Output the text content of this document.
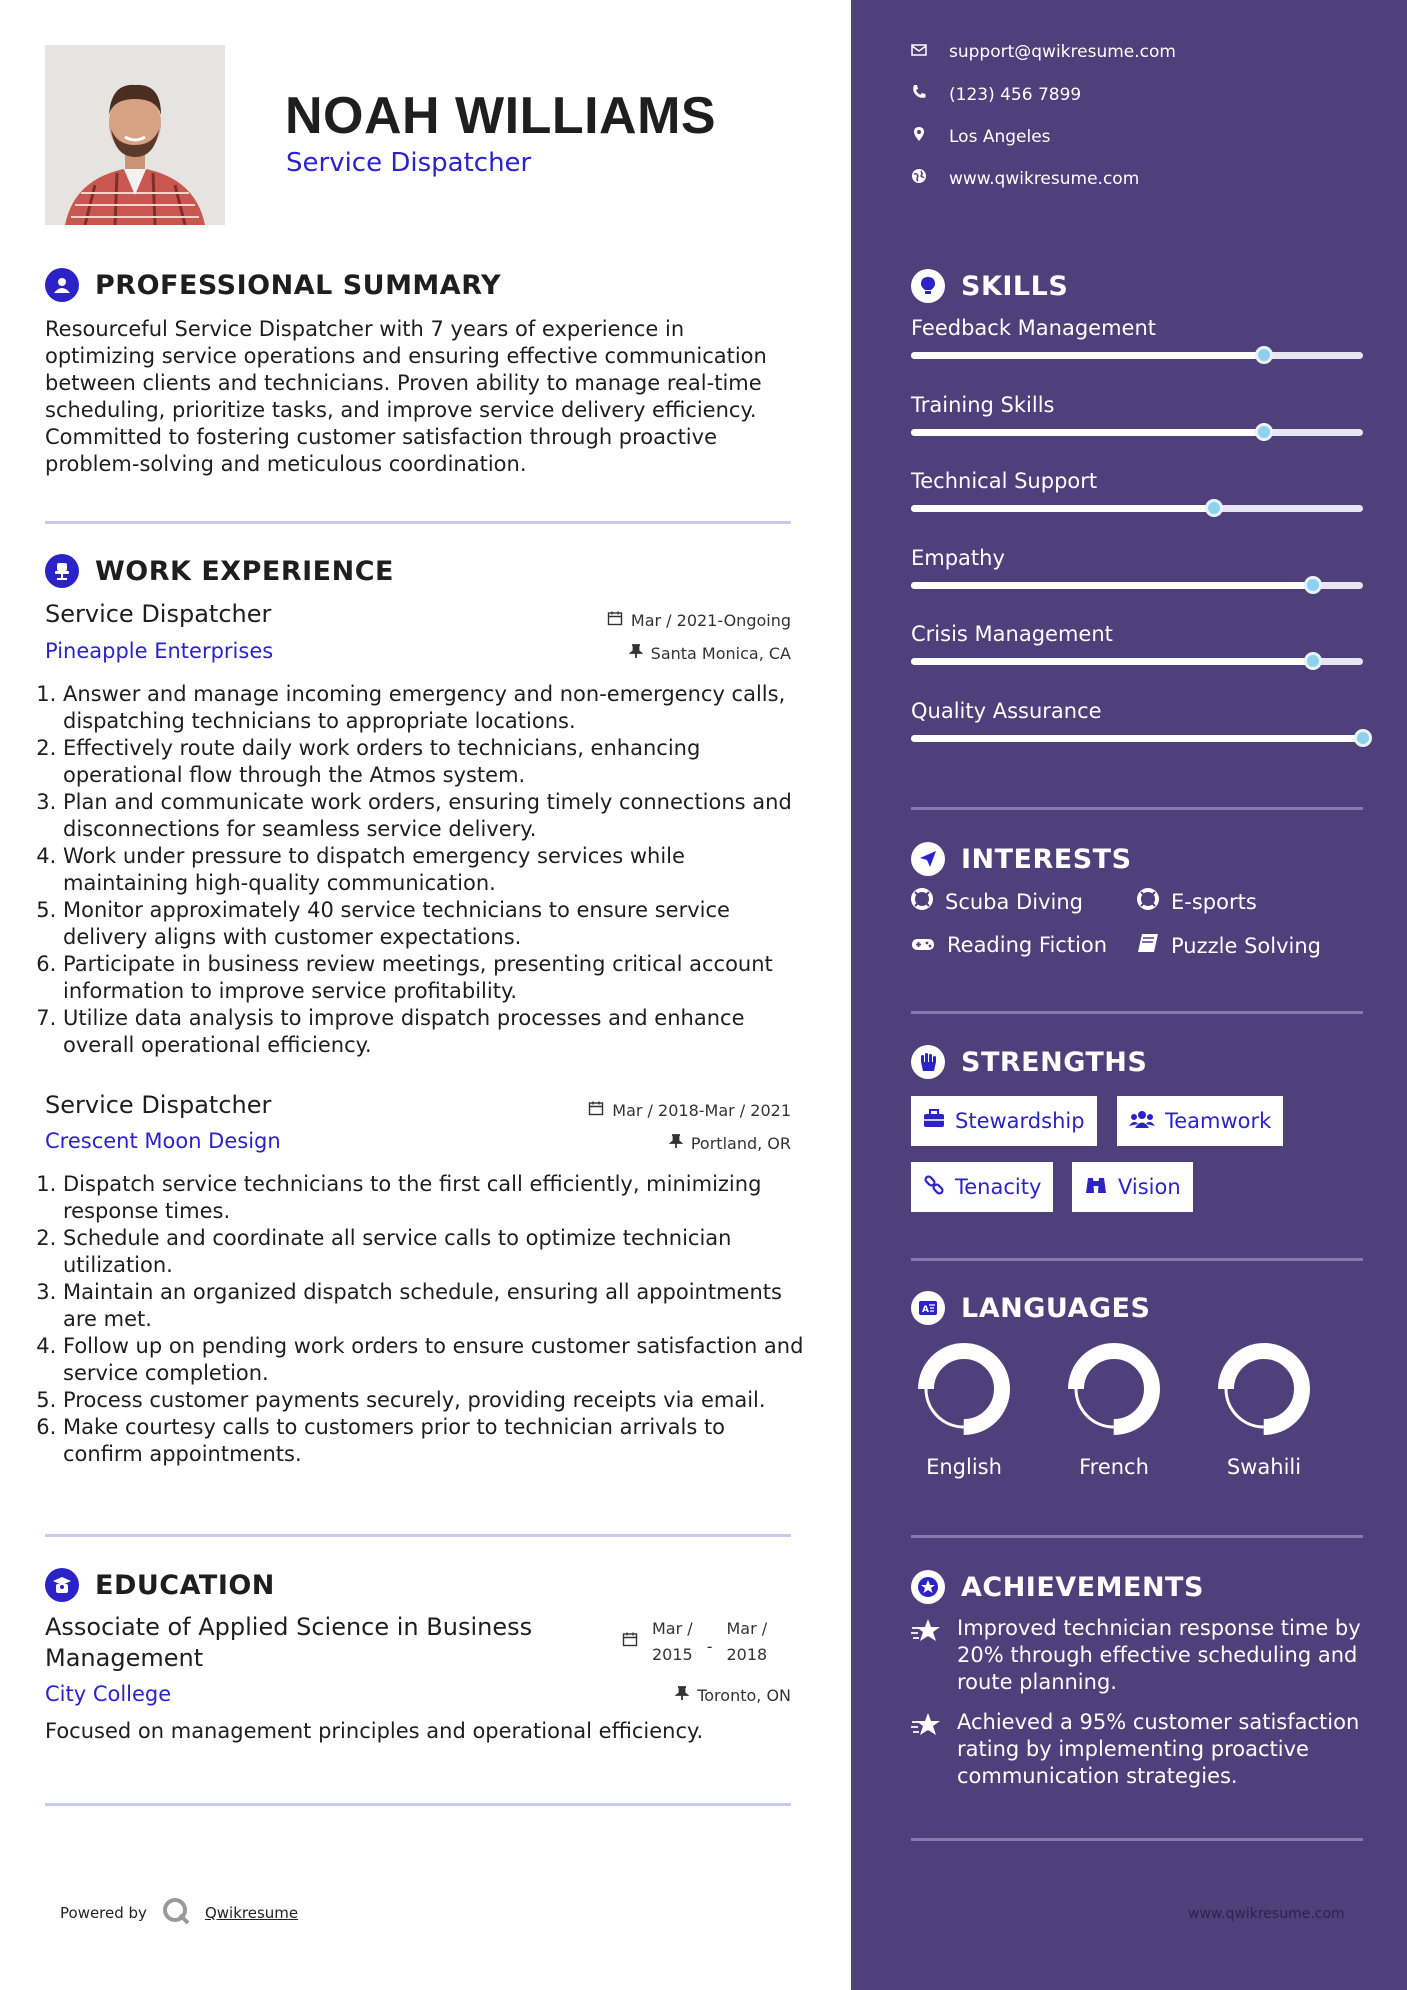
NOAH WILLIAMS
Service Dispatcher
PROFESSIONAL SUMMARY
Resourceful Service Dispatcher with 7 years of experience in optimizing service operations and ensuring effective communication between clients and technicians. Proven ability to manage real-time scheduling, prioritize tasks, and improve service delivery efficiency. Committed to fostering customer satisfaction through proactive problem-solving and meticulous coordination.
WORK EXPERIENCE
Service Dispatcher
Pineapple Enterprises
Mar / 2021-Ongoing
Santa Monica, CA
1. Answer and manage incoming emergency and non-emergency calls, dispatching technicians to appropriate locations.
2. Effectively route daily work orders to technicians, enhancing operational flow through the Atmos system.
3. Plan and communicate work orders, ensuring timely connections and disconnections for seamless service delivery.
4. Work under pressure to dispatch emergency services while maintaining high-quality communication.
5. Monitor approximately 40 service technicians to ensure service delivery aligns with customer expectations.
6. Participate in business review meetings, presenting critical account information to improve service profitability.
7. Utilize data analysis to improve dispatch processes and enhance overall operational efficiency.
Service Dispatcher
Crescent Moon Design
Mar / 2018-Mar / 2021
Portland, OR
1. Dispatch service technicians to the first call efficiently, minimizing response times.
2. Schedule and coordinate all service calls to optimize technician utilization.
3. Maintain an organized dispatch schedule, ensuring all appointments are met.
4. Follow up on pending work orders to ensure customer satisfaction and service completion.
5. Process customer payments securely, providing receipts via email.
6. Make courtesy calls to customers prior to technician arrivals to confirm appointments.
EDUCATION
Associate of Applied Science in Business Management
Mar /
2015 -
Mar /
2018
City College	Toronto, ON
Focused on management principles and operational efficiency.
Powered by	Qwikresume
support@qwikresume.com
(123) 456 7899
Los Angeles
www.qwikresume.com
SKILLS
Feedback Management
Training Skills
Technical Support
Empathy
Crisis Management
Quality Assurance
INTERESTS
Scuba Diving	E-sports
Reading Fiction	Puzzle Solving
STRENGTHS
Stewardship	Teamwork
Tenacity	Vision
A LANGUAGES
English	French	Swahili
ACHIEVEMENTS
Improved technician response time by 20% through effective scheduling and route planning.
Achieved a 95% customer satisfaction rating by implementing proactive communication strategies.
www.qwikresume.com
